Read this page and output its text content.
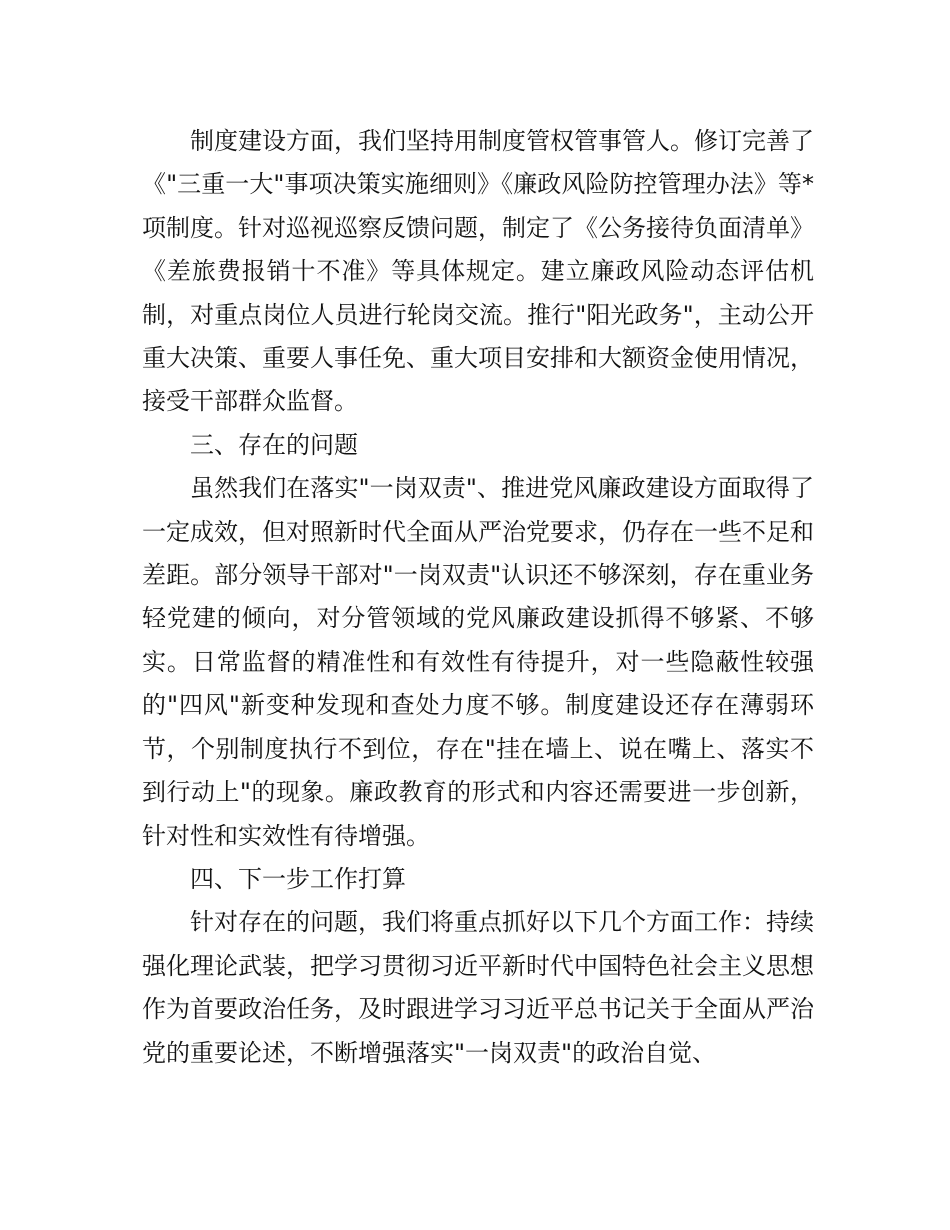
制度建设方面，我们坚持用制度管权管事管人。修订完善了《"三重一大"事项决策实施细则》《廉政风险防控管理办法》等*项制度。针对巡视巡察反馈问题，制定了《公务接待负面清单》《差旅费报销十不准》等具体规定。建立廉政风险动态评估机制，对重点岗位人员进行轮岗交流。推行"阳光政务"，主动公开重大决策、重要人事任免、重大项目安排和大额资金使用情况，接受干部群众监督。

三、存在的问题

虽然我们在落实"一岗双责"、推进党风廉政建设方面取得了一定成效，但对照新时代全面从严治党要求，仍存在一些不足和差距。部分领导干部对"一岗双责"认识还不够深刻，存在重业务轻党建的倾向，对分管领域的党风廉政建设抓得不够紧、不够实。日常监督的精准性和有效性有待提升，对一些隐蔽性较强的"四风"新变种发现和查处力度不够。制度建设还存在薄弱环节，个别制度执行不到位，存在"挂在墙上、说在嘴上、落实不到行动上"的现象。廉政教育的形式和内容还需要进一步创新，针对性和实效性有待增强。

四、下一步工作打算

针对存在的问题，我们将重点抓好以下几个方面工作：持续强化理论武装，把学习贯彻习近平新时代中国特色社会主义思想作为首要政治任务，及时跟进学习习近平总书记关于全面从严治党的重要论述，不断增强落实"一岗双责"的政治自觉、
